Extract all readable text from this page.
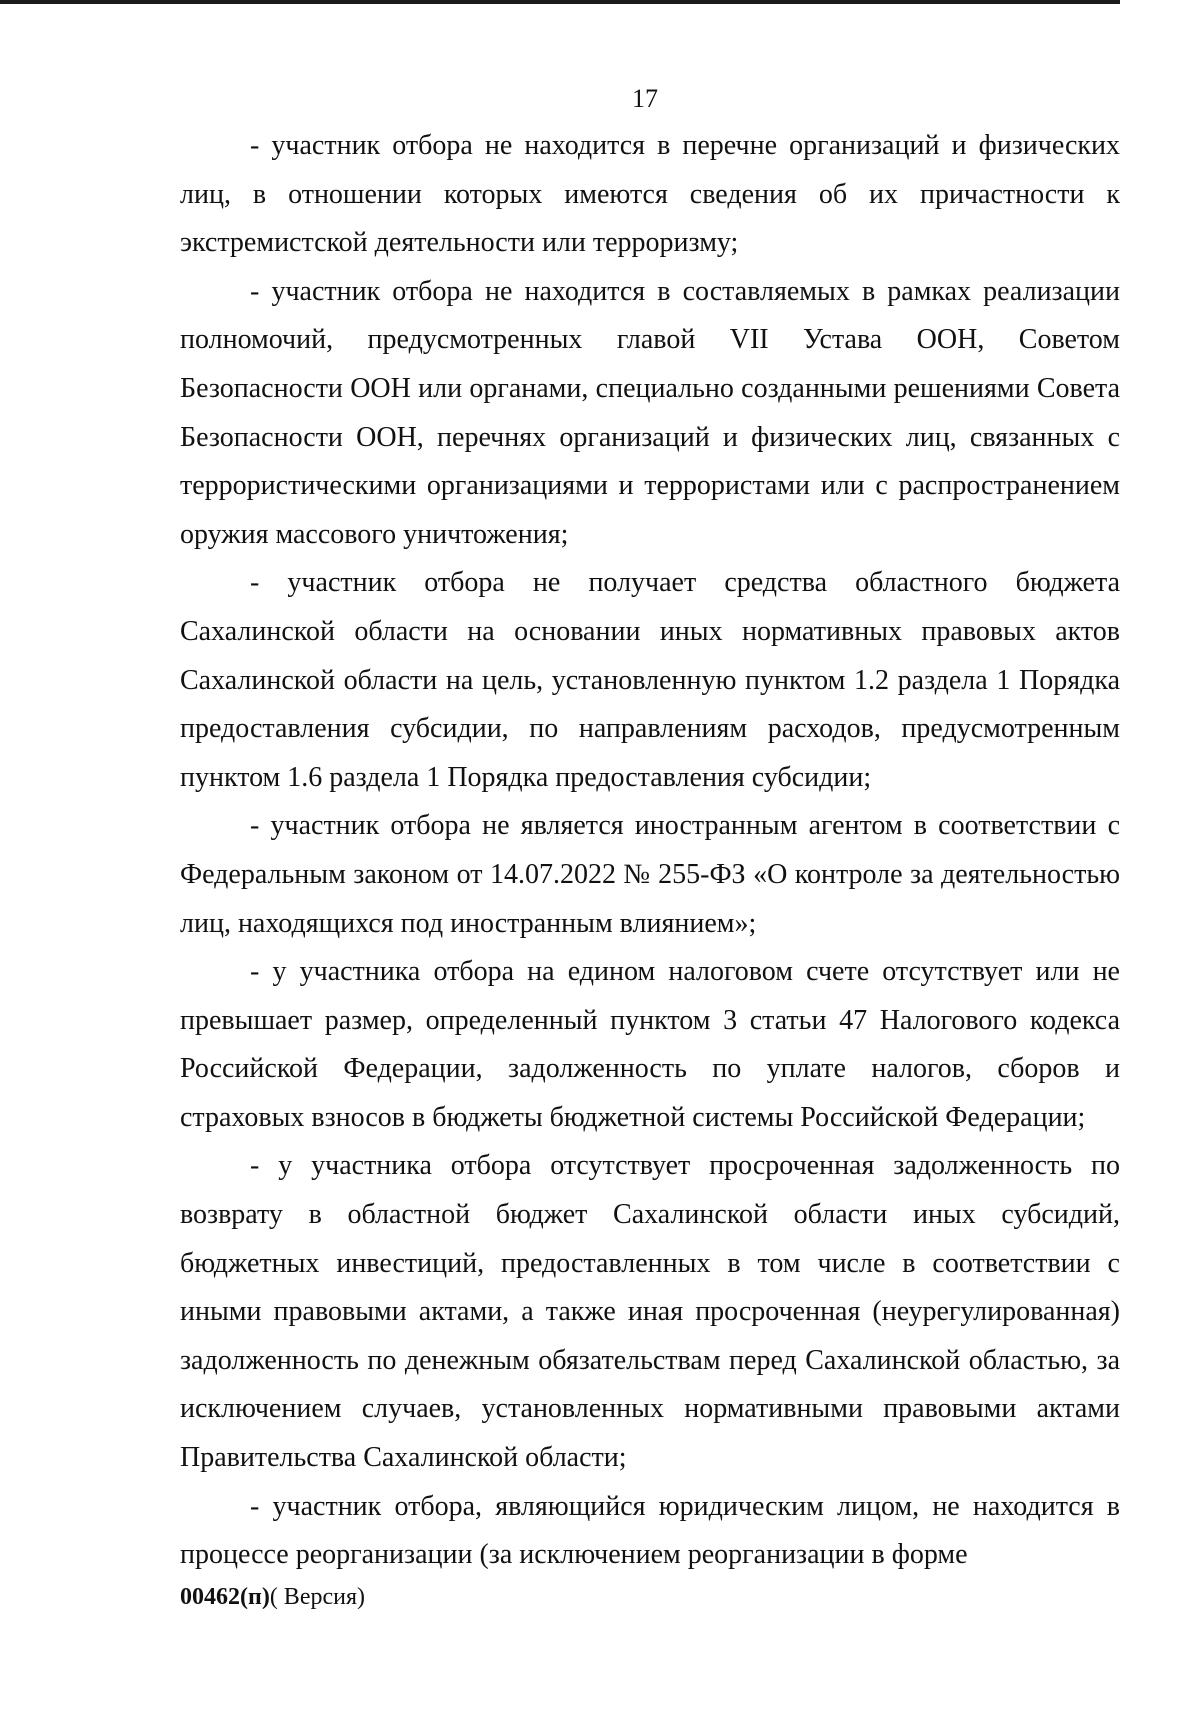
17

- участник отбора не находится в перечне организаций и физических лиц, в отношении которых имеются сведения об их причастности к экстремистской деятельности или терроризму;

- участник отбора не находится в составляемых в рамках реализации полномочий, предусмотренных главой VII Устава ООН, Советом Безопасности ООН или органами, специально созданными решениями Совета Безопасности ООН, перечнях организаций и физических лиц, связанных с террористическими организациями и террористами или с распространением оружия массового уничтожения;

- участник отбора не получает средства областного бюджета Сахалинской области на основании иных нормативных правовых актов Сахалинской области на цель, установленную пунктом 1.2 раздела 1 Порядка предоставления субсидии, по направлениям расходов, предусмотренным пунктом 1.6 раздела 1 Порядка предоставления субсидии;

- участник отбора не является иностранным агентом в соответствии с Федеральным законом от 14.07.2022 № 255-ФЗ «О контроле за деятельностью лиц, находящихся под иностранным влиянием»;

- у участника отбора на едином налоговом счете отсутствует или не превышает размер, определенный пунктом 3 статьи 47 Налогового кодекса Российской Федерации, задолженность по уплате налогов, сборов и страховых взносов в бюджеты бюджетной системы Российской Федерации;

- у участника отбора отсутствует просроченная задолженность по возврату в областной бюджет Сахалинской области иных субсидий, бюджетных инвестиций, предоставленных в том числе в соответствии с иными правовыми актами, а также иная просроченная (неурегулированная) задолженность по денежным обязательствам перед Сахалинской областью, за исключением случаев, установленных нормативными правовыми актами Правительства Сахалинской области;

- участник отбора, являющийся юридическим лицом, не находится в процессе реорганизации (за исключением реорганизации в форме

00462(п)( Версия)
